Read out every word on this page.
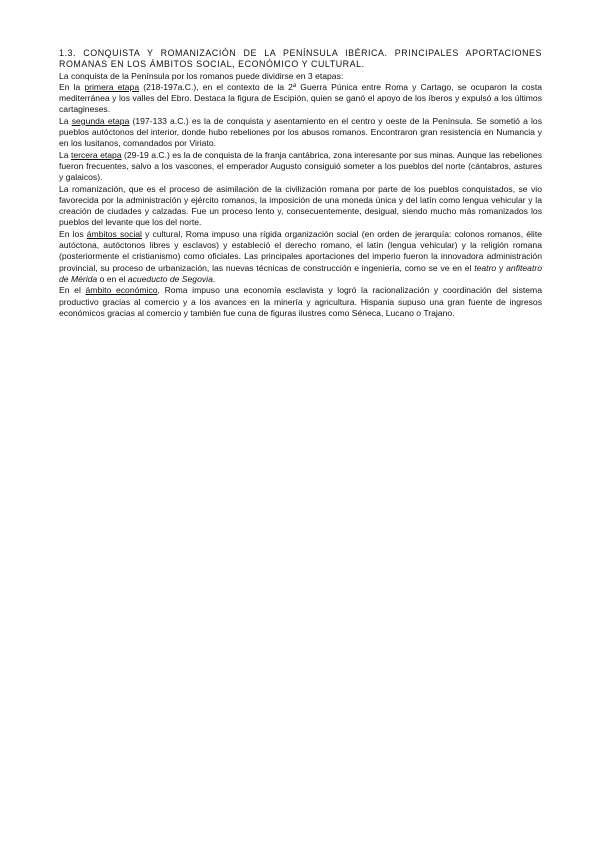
1.3. CONQUISTA Y ROMANIZACIÓN DE LA PENÍNSULA IBÉRICA. PRINCIPALES APORTACIONES ROMANAS EN LOS ÁMBITOS SOCIAL, ECONÓMICO Y CULTURAL.

La conquista de la Península por los romanos puede dividirse en 3 etapas:

En la primera etapa (218-197a.C.), en el contexto de la 2$^a$ Guerra Púnica entre Roma y Cartago, se ocuparon la costa mediterránea y los valles del Ebro. Destaca la figura de Escipión, quien se ganó el apoyo de los íberos y expulsó a los últimos cartagineses.

La segunda etapa (197-133 a.C.) es la de conquista y asentamiento en el centro y oeste de la Península. Se sometió a los pueblos autóctonos del interior, donde hubo rebeliones por los abusos romanos. Encontraron gran resistencia en Numancia y en los lusitanos, comandados por Viriato.

La tercera etapa (29-19 a.C.) es la de conquista de la franja cantábrica, zona interesante por sus minas. Aunque las rebeliones fueron frecuentes, salvo a los vascones, el emperador Augusto consiguió someter a los pueblos del norte (cántabros, astures y galaicos).

La romanización, que es el proceso de asimilación de la civilización romana por parte de los pueblos conquistados, se vio favorecida por la administración y ejército romanos, la imposición de una moneda única y del latín como lengua vehicular y la creación de ciudades y calzadas. Fue un proceso lento y, consecuentemente, desigual, siendo mucho más romanizados los pueblos del levante que los del norte.

En los ámbitos social y cultural, Roma impuso una rígida organización social (en orden de jerarquía: colonos romanos, élite autóctona, autóctonos libres y esclavos) y estableció el derecho romano, el latín (lengua vehicular) y la religión romana (posteriormente el cristianismo) como oficiales. Las principales aportaciones del imperio fueron la innovadora administración provincial, su proceso de urbanización, las nuevas técnicas de construcción e ingeniería, como se ve en el teatro y anfiteatro de Mérida o en el acueducto de Segovia.

En el ámbito económico, Roma impuso una economía esclavista y logró la racionalización y coordinación del sistema productivo gracias al comercio y a los avances en la minería y agricultura. Hispania supuso una gran fuente de ingresos económicos gracias al comercio y también fue cuna de figuras ilustres como Séneca, Lucano o Trajano.
